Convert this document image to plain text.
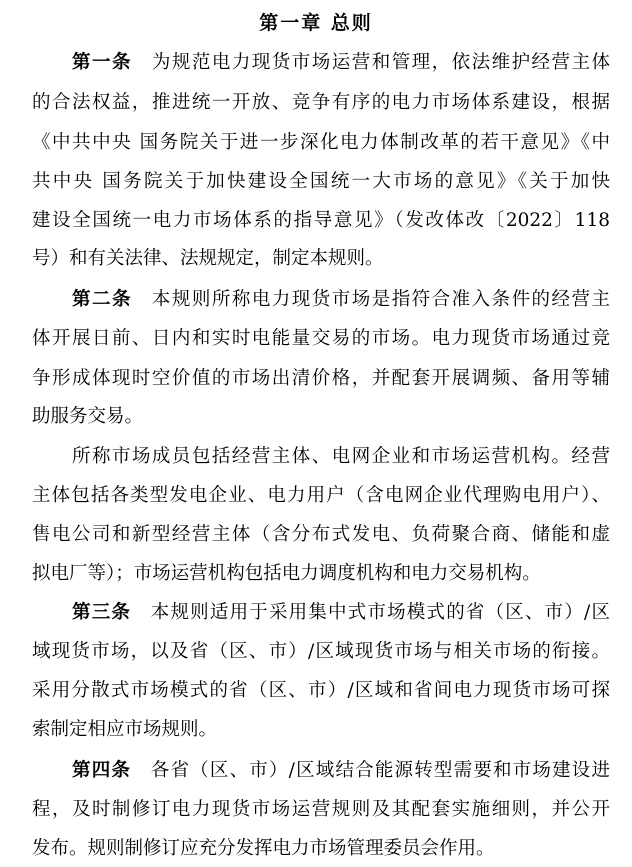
第一章 总则
第一条  为规范电力现货市场运营和管理，依法维护经营主体
的合法权益，推进统一开放、竞争有序的电力市场体系建设，根据
《中共中央 国务院关于进一步深化电力体制改革的若干意见》《中
共中央 国务院关于加快建设全国统一大市场的意见》《关于加快
建设全国统一电力市场体系的指导意见》（发改体改〔2022〕118
号）和有关法律、法规规定，制定本规则。
第二条  本规则所称电力现货市场是指符合准入条件的经营主
体开展日前、日内和实时电能量交易的市场。电力现货市场通过竞
争形成体现时空价值的市场出清价格，并配套开展调频、备用等辅
助服务交易。
所称市场成员包括经营主体、电网企业和市场运营机构。经营
主体包括各类型发电企业、电力用户（含电网企业代理购电用户）、
售电公司和新型经营主体（含分布式发电、负荷聚合商、储能和虚
拟电厂等）；市场运营机构包括电力调度机构和电力交易机构。
第三条  本规则适用于采用集中式市场模式的省（区、市）/区
域现货市场，以及省（区、市）/区域现货市场与相关市场的衔接。
采用分散式市场模式的省（区、市）/区域和省间电力现货市场可探
索制定相应市场规则。
第四条  各省（区、市）/区域结合能源转型需要和市场建设进
程，及时制修订电力现货市场运营规则及其配套实施细则，并公开
发布。规则制修订应充分发挥电力市场管理委员会作用。
